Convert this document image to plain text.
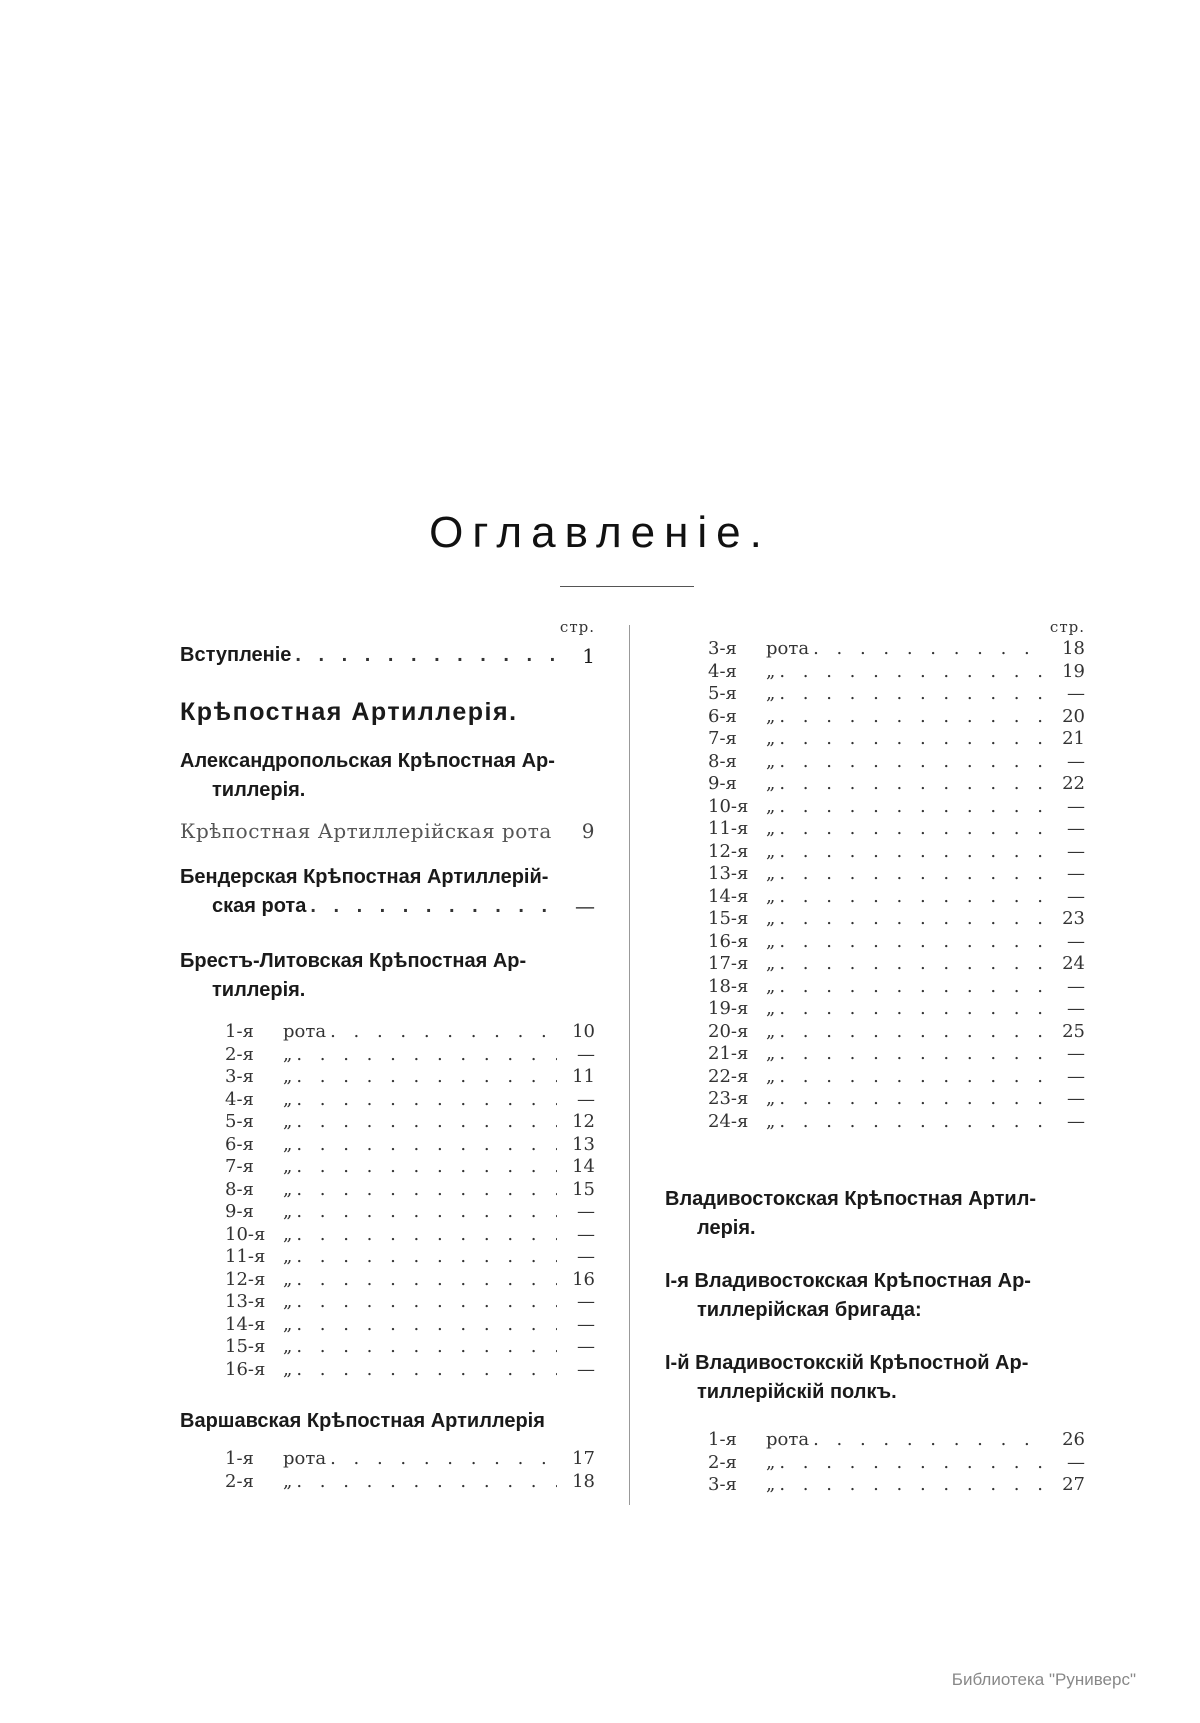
Оглавленіе.
стр.
Вступленіе . . .	1
Крѣпостная Артиллерія.
Александропольская Крѣпостная Ар-
тиллерія.
Крѣпостная Артиллерійская рота	9
Бендерская Крѣпостная Артиллерій-
ская рота . . .	—
Брестъ-Литовская Крѣпостная Ар-
тиллерія.
1-я	рота . . .	10
2-я	„ . . .	—
3-я	„ . . .	11
4-я	„ . . .	—
5-я	„ . . .	12
6-я	„ . . .	13
7-я	„ . . .	14
8-я	„ . . .	15
9-я	„ . . .	—
10-я „ . . .	—
11-я „ . . .	—
12-я „ . . .	16
13-я „ . . .	—
14-я „ . . .	—
15-я „ . . .	—
16-я „ . . .	—
Варшавская Крѣпостная Артиллерія
1-я	рота . . .	17
2-я	„ . . .	18
стр.
3-я	рота . . .	18
4-я	„ . . .	19
5-я	„ . . .	—
6-я	„ . . .	20
7-я	„ . . .	21
8-я	„ . . .	—
9-я	„ . . .	22
10-я „ . . .	—
11-я „ . . .	—
12-я „ . . .	—
13-я „ . . .	—
14-я „ . . .	—
15-я „ . . .	23
16-я „ . . .	—
17-я „ . . .	24
18-я „ . . .	—
19-я „ . . .	—
20-я „ . . .	25
21-я „ . . .	—
22-я „ . . .	—
23-я „ . . .	—
24-я „ . . .	—
Владивостокская Крѣпостная Артил-
лерія.
I-я Владивостокская Крѣпостная Ар-
тиллерійская бригада:
I-й Владивостокскій Крѣпостной Ар-
тиллерійскій полкъ.
1-я	рота . . .	26
2-я	„ . . .	—
3-я	„ . . .	27
Библиотека "Руниверс"
